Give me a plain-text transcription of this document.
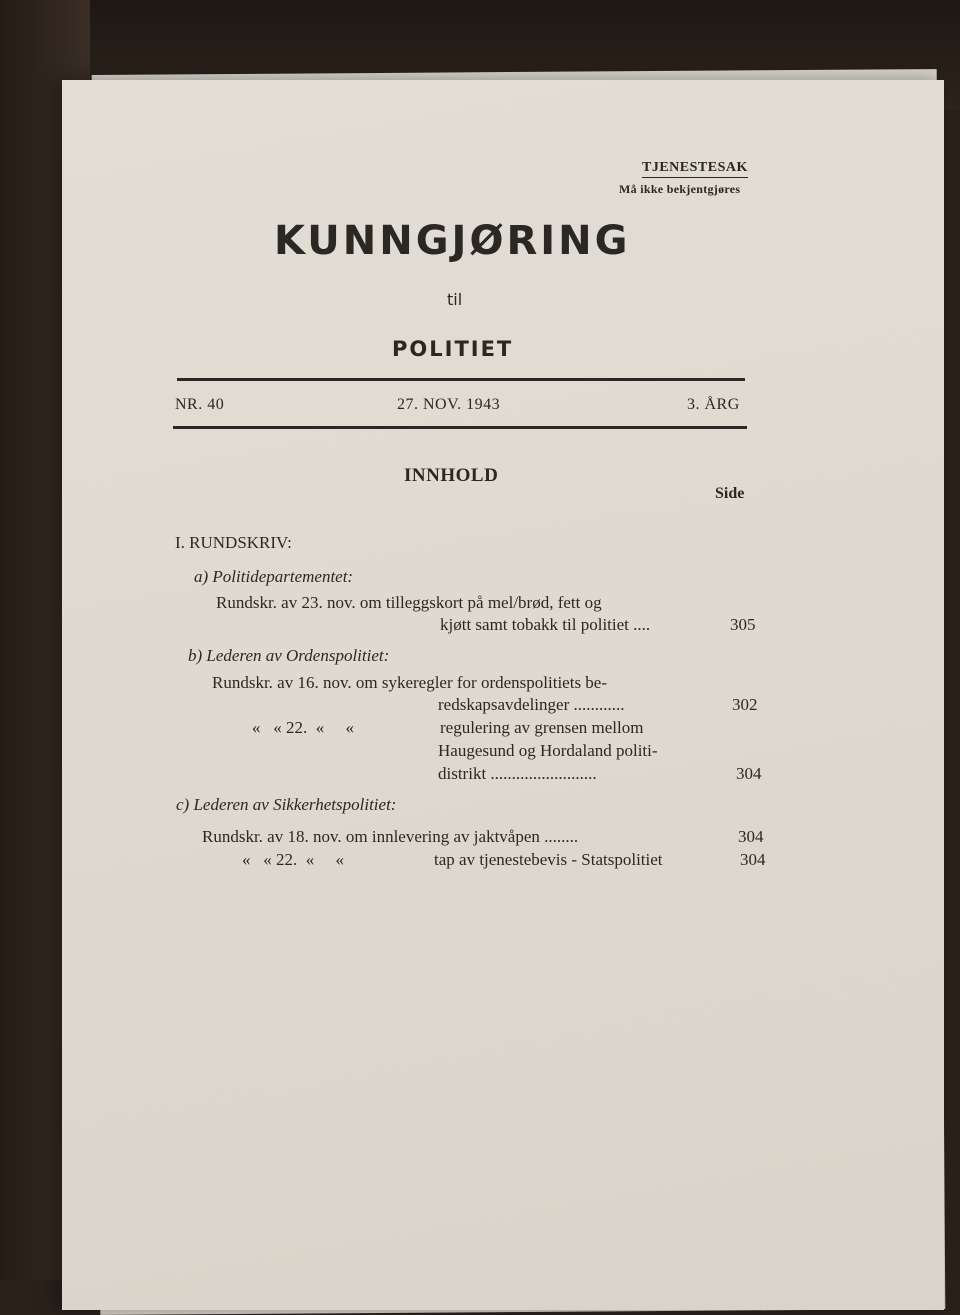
TJENESTESAK
Må ikke bekjentgjøres
KUNNGJØRING
til
POLITIET
NR. 40	27. NOV. 1943	3. ÅRG
INNHOLD
Side
I. RUNDSKRIV:
a) Politidepartementet:
Rundskr. av 23. nov. om tilleggskort på mel/brød, fett og
kjøtt samt tobakk til politiet ....	305
b) Lederen av Ordenspolitiet:
Rundskr. av 16. nov. om sykeregler for ordenspolitiets be-
redskapsavdelinger ............	302
«   « 22.  «     «	regulering av grensen mellom
Haugesund og Hordaland politi-
distrikt .........................	304
c) Lederen av Sikkerhetspolitiet:
Rundskr. av 18. nov. om innlevering av jaktvåpen ........	304
«   « 22.  «     «	tap av tjenestebevis - Statspolitiet	304
